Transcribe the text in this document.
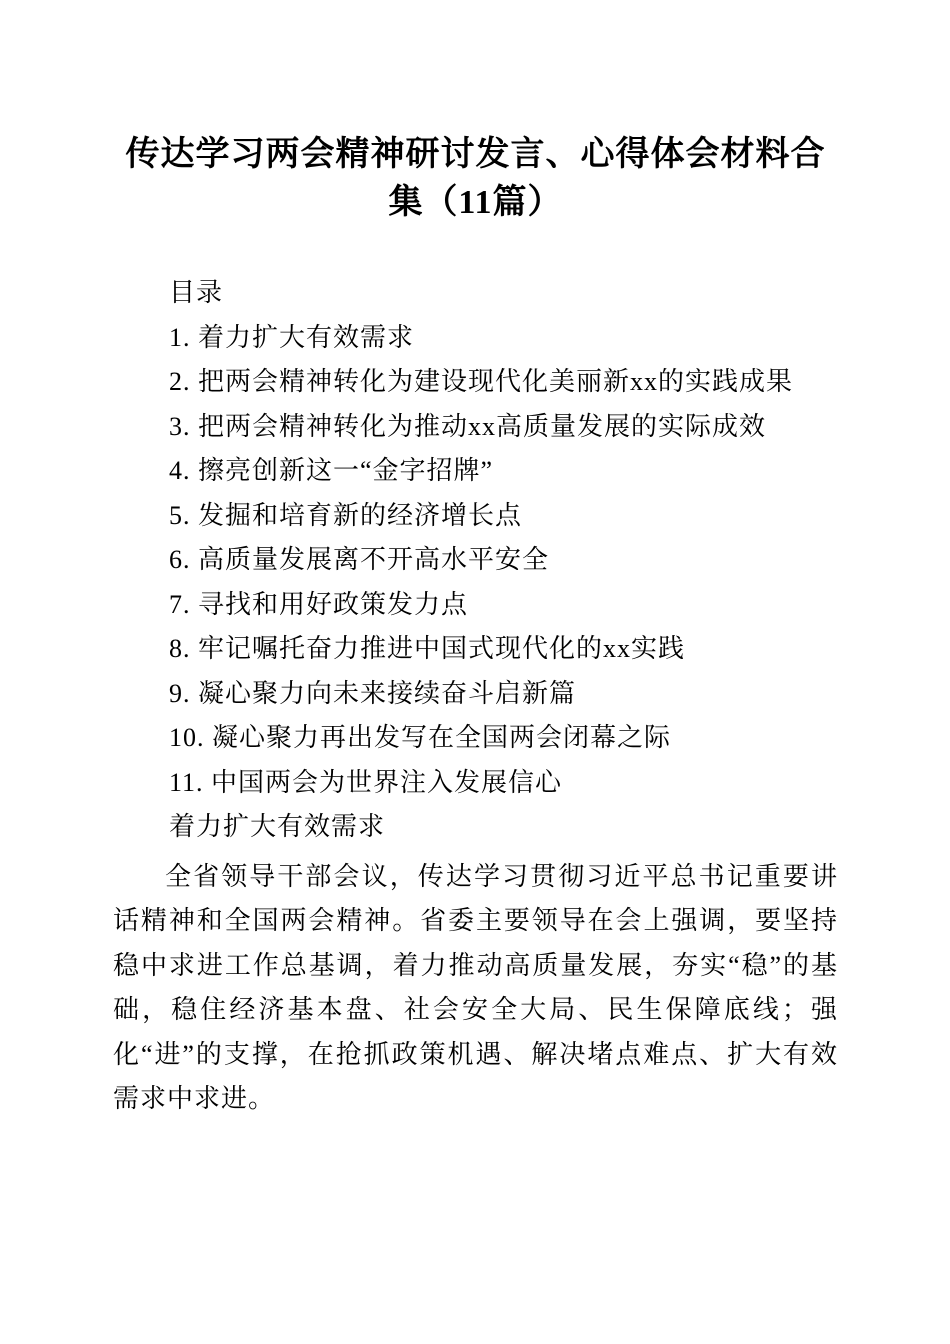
传达学习两会精神研讨发言、心得体会材料合
集（11篇）
目录
1. 着力扩大有效需求
2. 把两会精神转化为建设现代化美丽新xx的实践成果
3. 把两会精神转化为推动xx高质量发展的实际成效
4. 擦亮创新这一“金字招牌”
5. 发掘和培育新的经济增长点
6. 高质量发展离不开高水平安全
7. 寻找和用好政策发力点
8. 牢记嘱托奋力推进中国式现代化的xx实践
9. 凝心聚力向未来接续奋斗启新篇
10. 凝心聚力再出发写在全国两会闭幕之际
11. 中国两会为世界注入发展信心
着力扩大有效需求

全省领导干部会议，传达学习贯彻习近平总书记重要讲话精神和全国两会精神。省委主要领导在会上强调，要坚持稳中求进工作总基调，着力推动高质量发展，夯实“稳”的基础，稳住经济基本盘、社会安全大局、民生保障底线；强化“进”的支撑，在抢抓政策机遇、解决堵点难点、扩大有效需求中求进。
